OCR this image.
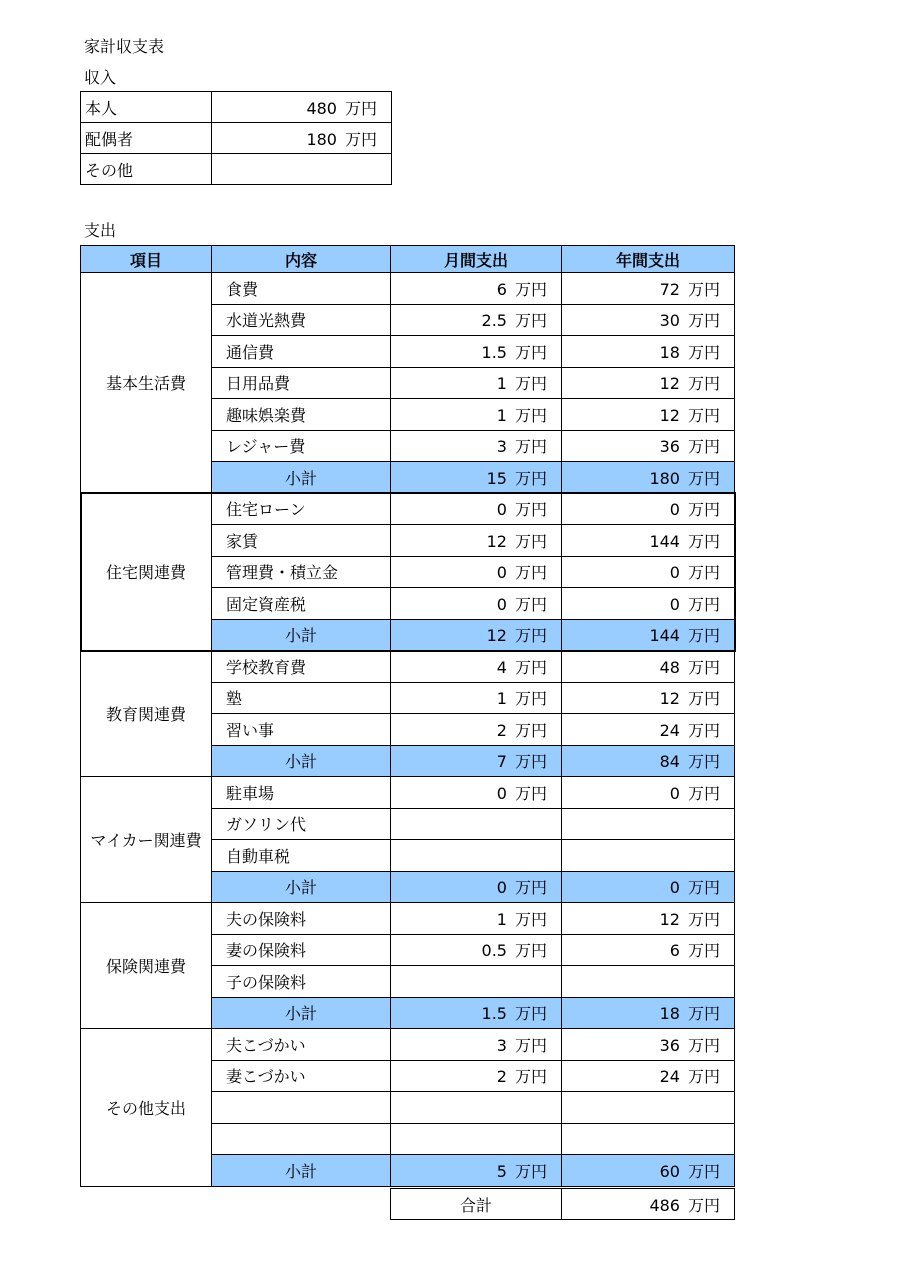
家計収支表
収入
本人	480 万円
配偶者	180 万円
その他	
支出
項目	内容	月間支出	年間支出
基本生活費	食費	6 万円	72 万円
	水道光熱費	2.5 万円	30 万円
	通信費	1.5 万円	18 万円
	日用品費	1 万円	12 万円
	趣味娯楽費	1 万円	12 万円
	レジャー費	3 万円	36 万円
	小計	15 万円	180 万円
住宅関連費	住宅ローン	0 万円	0 万円
	家賃	12 万円	144 万円
	管理費・積立金	0 万円	0 万円
	固定資産税	0 万円	0 万円
	小計	12 万円	144 万円
教育関連費	学校教育費	4 万円	48 万円
	塾	1 万円	12 万円
	習い事	2 万円	24 万円
	小計	7 万円	84 万円
マイカー関連費	駐車場	0 万円	0 万円
	ガソリン代		
	自動車税		
	小計	0 万円	0 万円
保険関連費	夫の保険料	1 万円	12 万円
	妻の保険料	0.5 万円	6 万円
	子の保険料		
	小計	1.5 万円	18 万円
その他支出	夫こづかい	3 万円	36 万円
	妻こづかい	2 万円	24 万円

	小計	5 万円	60 万円
合計	486 万円
